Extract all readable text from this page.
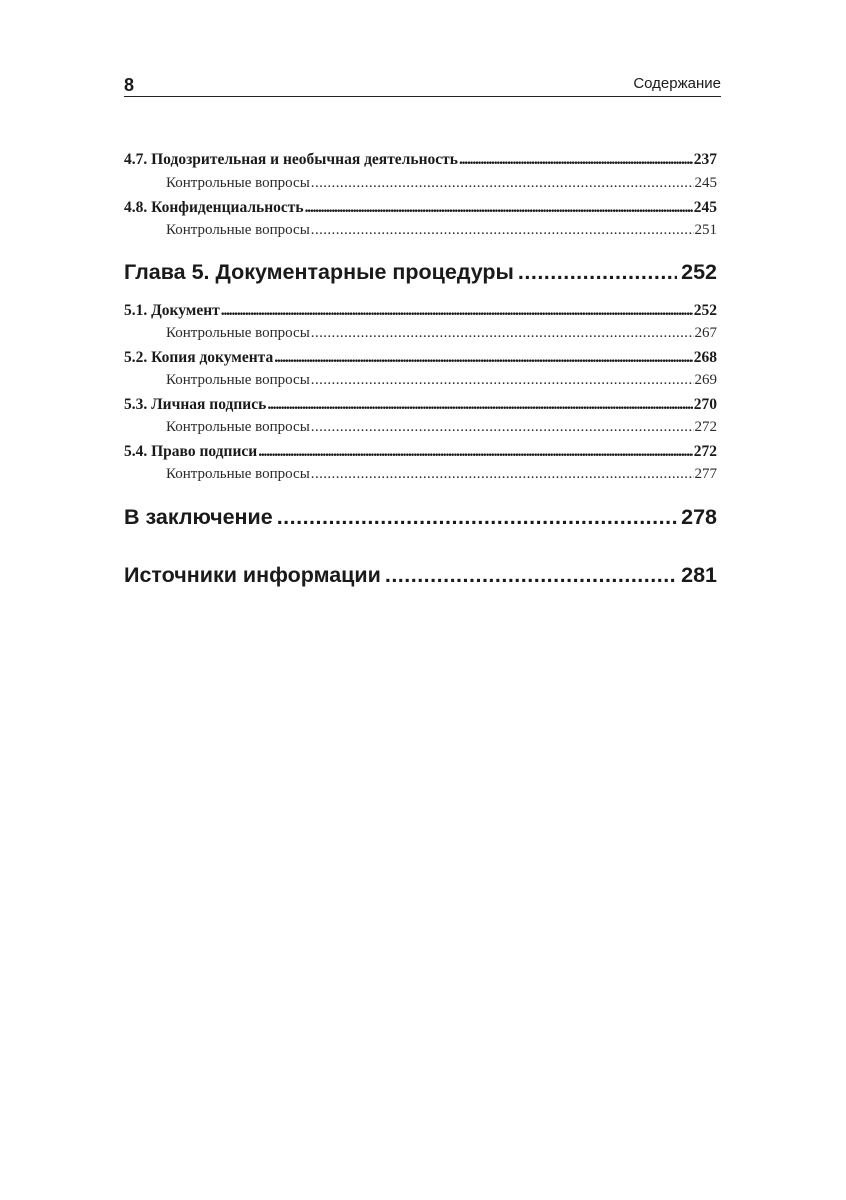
8	Содержание
4.7. Подозрительная и необычная деятельность .....	237
Контрольные вопросы .....	245
4.8. Конфиденциальность .....	245
Контрольные вопросы .....	251
Глава 5. Документарные процедуры .....	252
5.1. Документ .....	252
Контрольные вопросы .....	267
5.2. Копия документа .....	268
Контрольные вопросы .....	269
5.3. Личная подпись .....	270
Контрольные вопросы .....	272
5.4. Право подписи .....	272
Контрольные вопросы .....	277
В заключение .....	278
Источники информации .....	281
